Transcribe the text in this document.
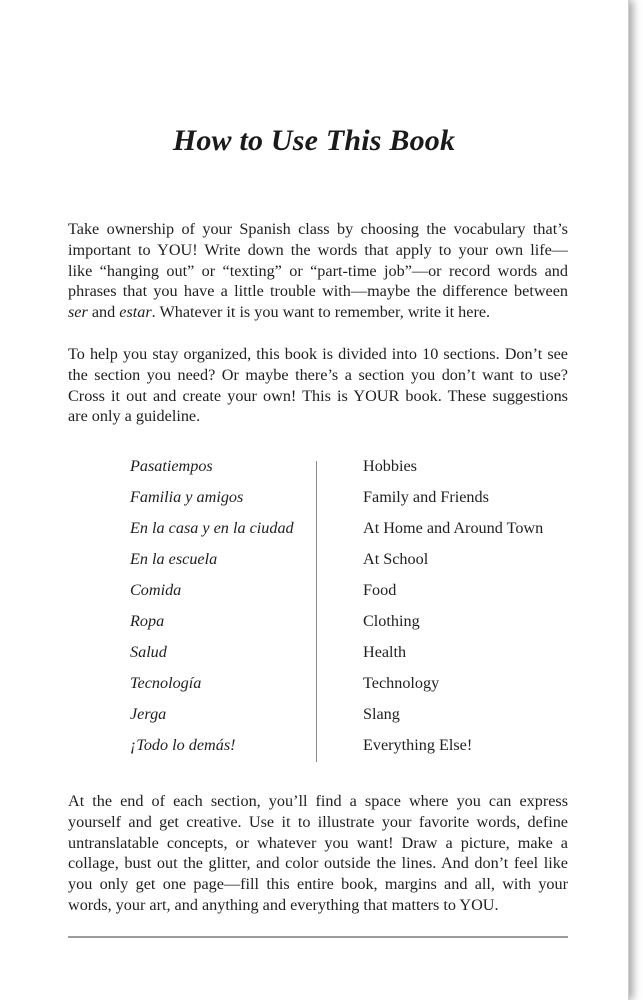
How to Use This Book
Take ownership of your Spanish class by choosing the vocabulary that’s
important to YOU! Write down the words that apply to your own life—
like “hanging out” or “texting” or “part-time job”—or record words and
phrases that you have a little trouble with—maybe the difference between
ser and estar. Whatever it is you want to remember, write it here.
To help you stay organized, this book is divided into 10 sections. Don’t see
the section you need? Or maybe there’s a section you don’t want to use?
Cross it out and create your own! This is YOUR book. These suggestions
are only a guideline.
Pasatiempos	Hobbies
Familia y amigos	Family and Friends
En la casa y en la ciudad	At Home and Around Town
En la escuela	At School
Comida	Food
Ropa	Clothing
Salud	Health
Tecnología	Technology
Jerga	Slang
¡Todo lo demás!	Everything Else!
At the end of each section, you’ll find a space where you can express
yourself and get creative. Use it to illustrate your favorite words, define
untranslatable concepts, or whatever you want! Draw a picture, make a
collage, bust out the glitter, and color outside the lines. And don’t feel like
you only get one page—fill this entire book, margins and all, with your
words, your art, and anything and everything that matters to YOU.
